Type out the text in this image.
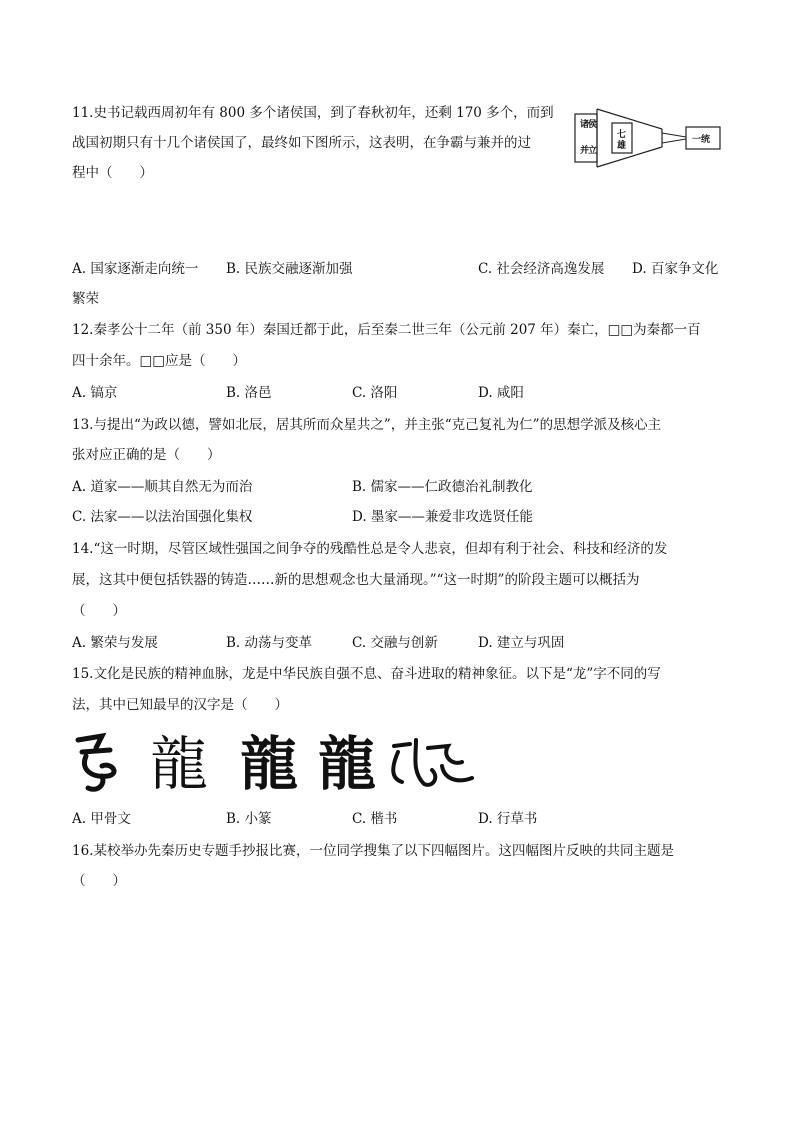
11.史书记载西周初年有 800 多个诸侯国，到了春秋初年，还剩 170 多个，而到
战国初期只有十几个诸侯国了，最终如下图所示，这表明，在争霸与兼并的过
程中（　　）
诸
侯
并
立
七
雄
一统
A. 国家逐渐走向统一 B. 民族交融逐渐加强	C. 社会经济高逸发展 D. 百家争文化
繁荣
12.秦孝公十二年（前 350 年）秦国迁都于此，后至秦二世三年（公元前 207 年）秦亡，□□为秦都一百
四十余年。□□应是（　　）
A. 镐京	B. 洛邑	C. 洛阳	D. 咸阳
13.与提出“为政以德，譬如北辰，居其所而众星共之”，并主张“克己复礼为仁”的思想学派及核心主
张对应正确的是（　　）
A. 道家——顺其自然无为而治	B. 儒家——仁政德治礼制教化
C. 法家——以法治国强化集权	D. 墨家——兼爱非攻选贤任能
14.“这一时期，尽管区域性强国之间争夺的残酷性总是令人悲哀，但却有利于社会、科技和经济的发
展，这其中便包括铁器的铸造……新的思想观念也大量涌现。”“这一时期”的阶段主题可以概括为
（　　）
A. 繁荣与发展	B. 动荡与变革	C. 交融与创新	D. 建立与巩固
15.文化是民族的精神血脉，龙是中华民族自强不息、奋斗进取的精神象征。以下是“龙”字不同的写
法，其中已知最早的汉字是（　　）
龍 龍 龍
A. 甲骨文	B. 小篆	C. 楷书	D. 行草书
16.某校举办先秦历史专题手抄报比赛，一位同学搜集了以下四幅图片。这四幅图片反映的共同主题是
（　　）
